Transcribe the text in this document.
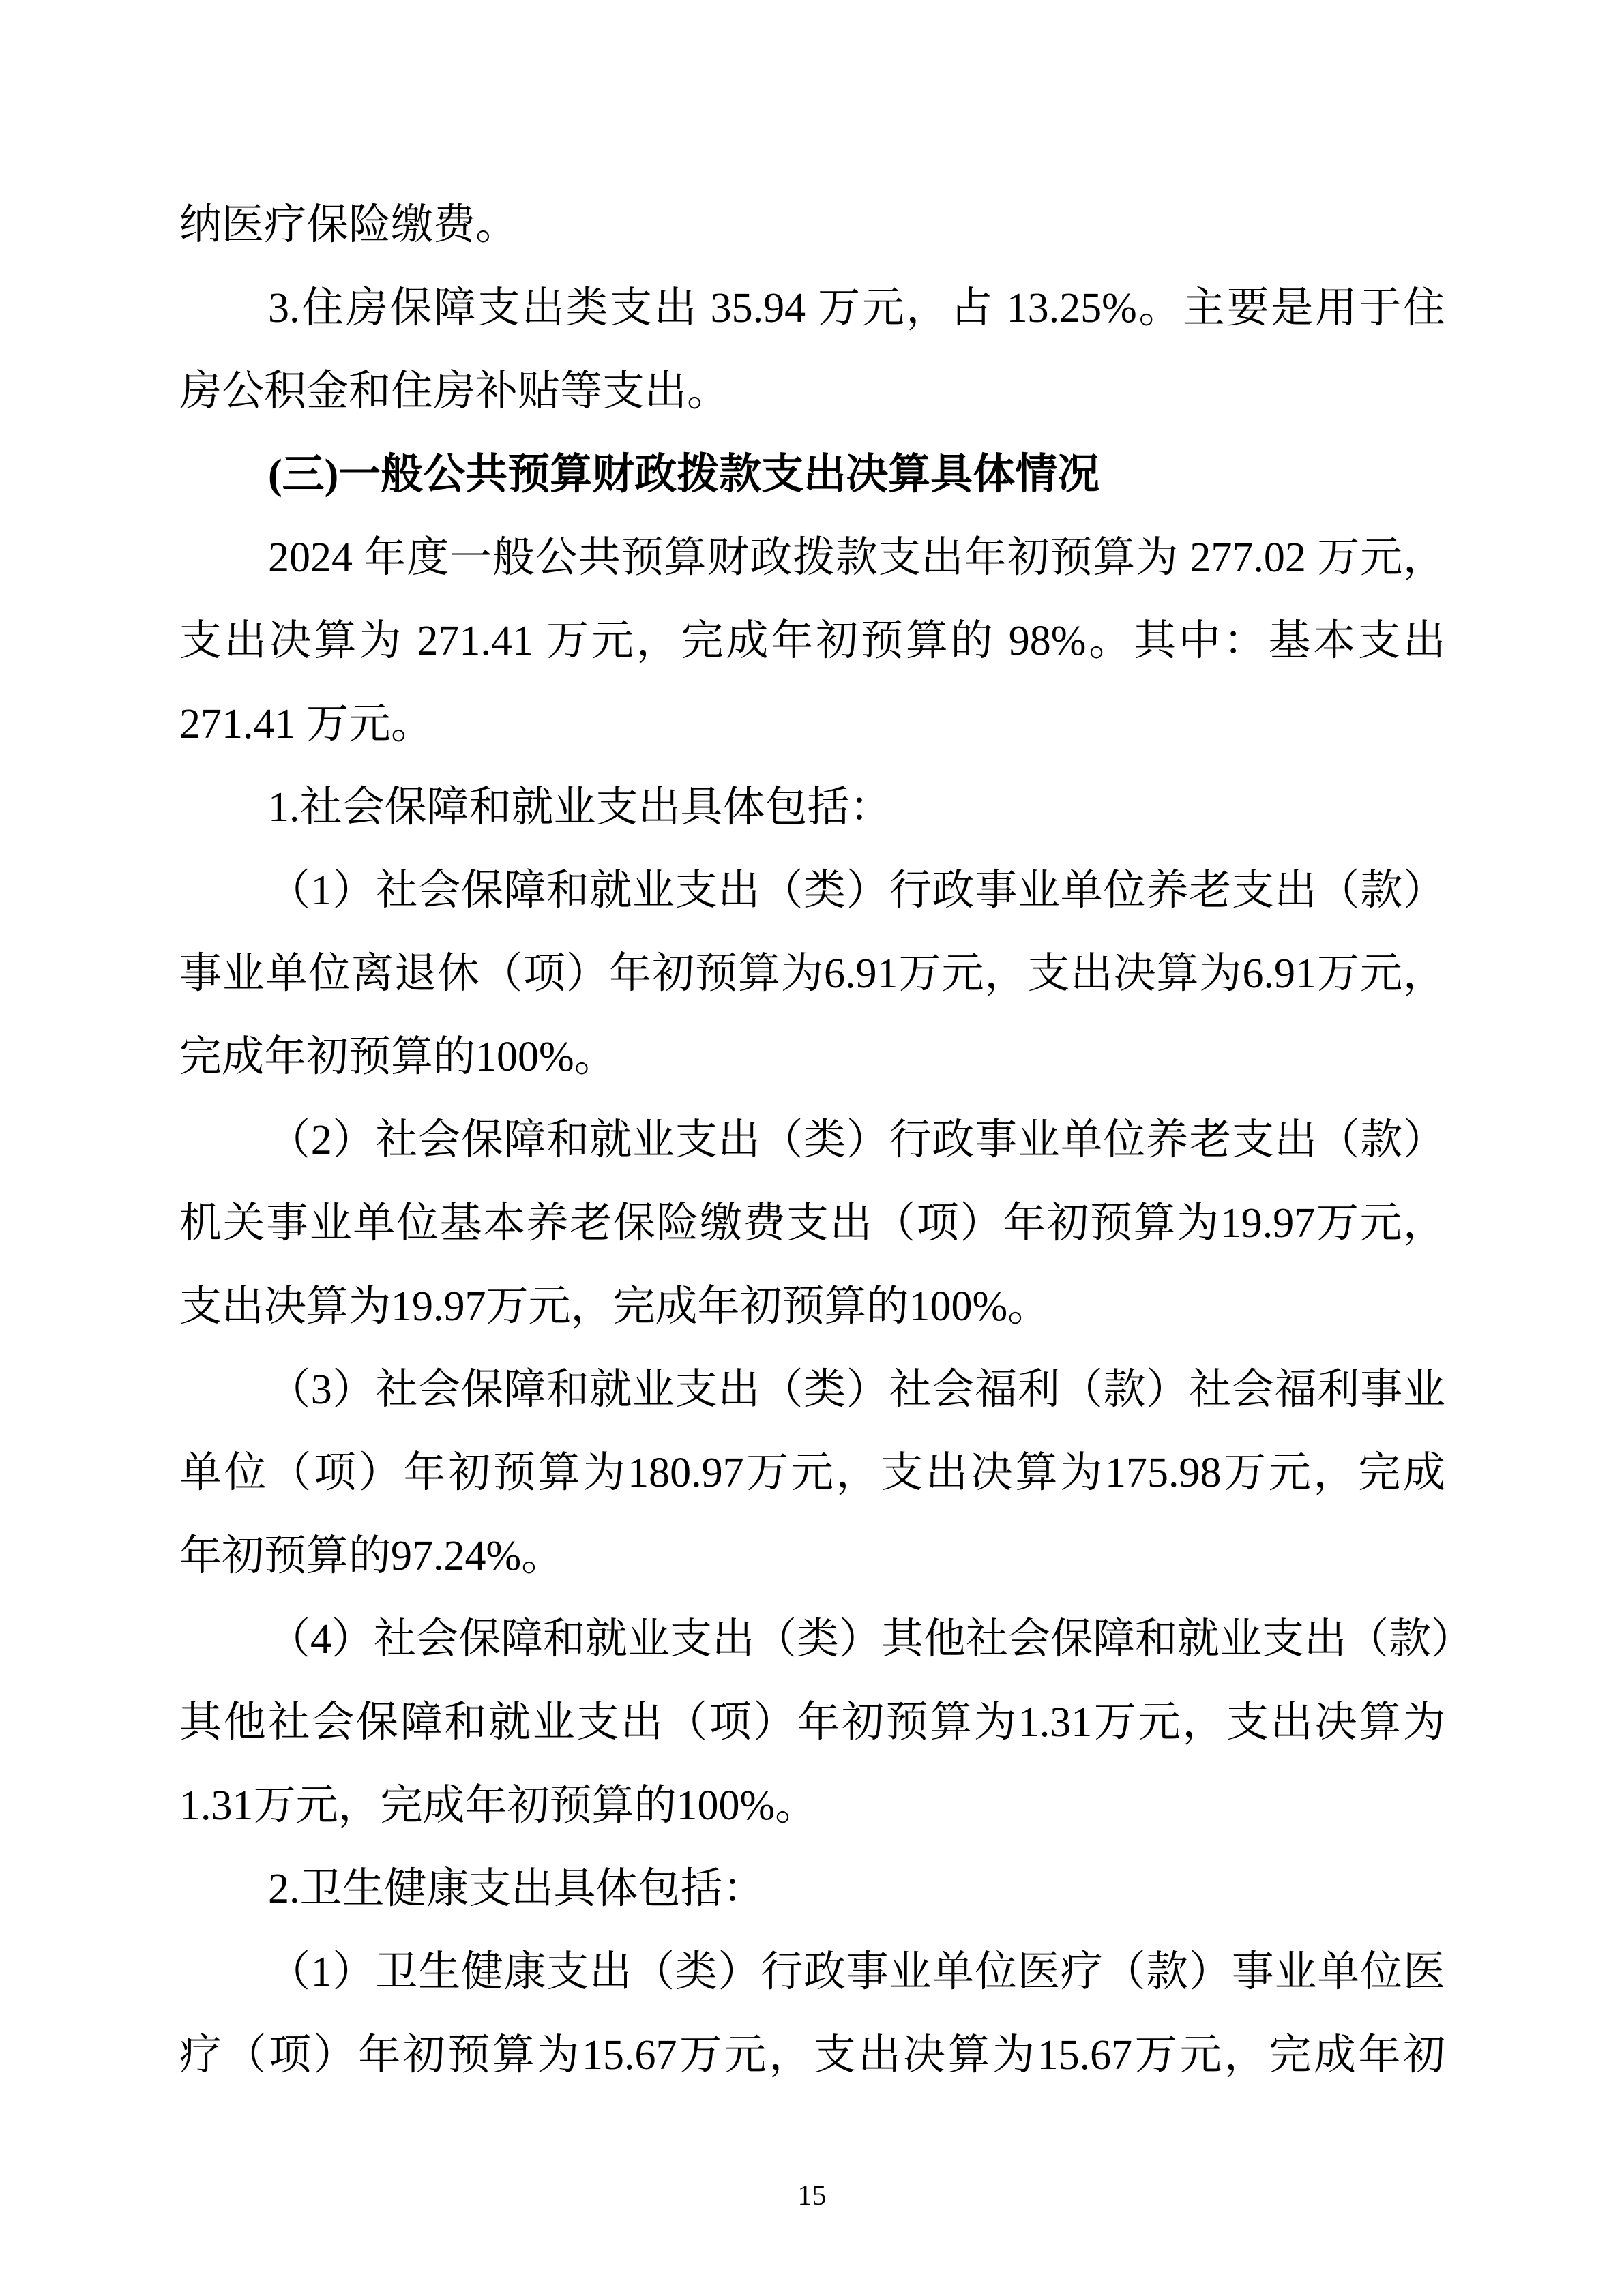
纳医疗保险缴费。
3.住房保障支出类支出 35.94 万元，占 13.25%。主要是用于住
房公积金和住房补贴等支出。
(三)一般公共预算财政拨款支出决算具体情况
2024 年度一般公共预算财政拨款支出年初预算为 277.02 万元，
支出决算为 271.41 万元，完成年初预算的 98%。其中：基本支出
271.41 万元。
1.社会保障和就业支出具体包括：
（1）社会保障和就业支出（类）行政事业单位养老支出（款）
事业单位离退休（项）年初预算为6.91万元，支出决算为6.91万元，
完成年初预算的100%。
（2）社会保障和就业支出（类）行政事业单位养老支出（款）
机关事业单位基本养老保险缴费支出（项）年初预算为19.97万元，
支出决算为19.97万元，完成年初预算的100%。
（3）社会保障和就业支出（类）社会福利（款）社会福利事业
单位（项）年初预算为180.97万元，支出决算为175.98万元，完成
年初预算的97.24%。
（4）社会保障和就业支出（类）其他社会保障和就业支出（款）
其他社会保障和就业支出（项）年初预算为1.31万元，支出决算为
1.31万元，完成年初预算的100%。
2.卫生健康支出具体包括：
（1）卫生健康支出（类）行政事业单位医疗（款）事业单位医
疗（项）年初预算为15.67万元，支出决算为15.67万元，完成年初
15
